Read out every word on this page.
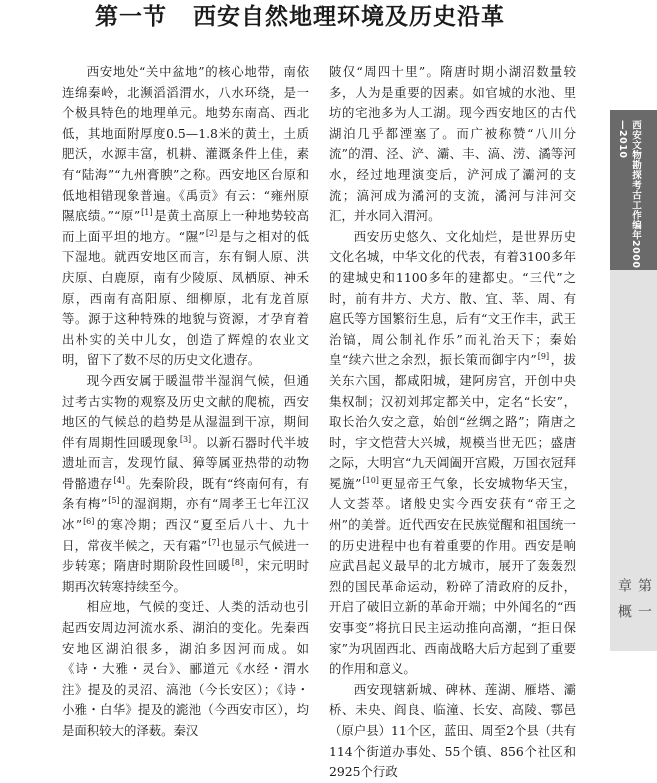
第一节 西安自然地理环境及历史沿革

西安地处“关中盆地”的核心地带，南依连绵秦岭，北濒滔滔渭水，八水环绕，是一个极具特色的地理单元。地势东南高、西北低，其地面附厚度0.5—1.8米的黄土，土质肥沃，水源丰富，机耕、灌溉条件上佳，素有“陆海”“九州膏腴”之称。西安地区台原和低地相错现象普遍。《禹贡》有云：“雍州原隰底绩。”“原”[1]是黄土高原上一种地势较高而上面平坦的地方。“隰”[2]是与之相对的低下湿地。就西安地区而言，东有铜人原、洪庆原、白鹿原，南有少陵原、凤栖原、神禾原，西南有高阳原、细柳原，北有龙首原等。源于这种特殊的地貌与资源，才孕育着出朴实的关中儿女，创造了辉煌的农业文明，留下了数不尽的历史文化遗存。

现今西安属于暖温带半湿润气候，但通过考古实物的观察及历史文献的爬梳，西安地区的气候总的趋势是从湿温到干凉，期间伴有周期性回暖现象[3]。以新石器时代半坡遗址而言，发现竹鼠、獐等属亚热带的动物骨骼遗存[4]。先秦阶段，既有“终南何有，有条有梅”[5]的湿润期，亦有“周孝王七年江汉冰”[6]的寒冷期；西汉“夏至后八十、九十日，常夜半候之，天有霜”[7]也显示气候进一步转寒；隋唐时期阶段性回暖[8]，宋元明时期再次转寒持续至今。

相应地，气候的变迁、人类的活动也引起西安周边河流水系、湖泊的变化。先秦西安地区湖泊很多，湖泊多因河而成。如《诗・大雅・灵台》、郦道元《水经・渭水注》提及的灵沼、滈池（今长安区）；《诗・小雅・白华》提及的滮池（今西安市区），均是面积较大的泽薮。秦汉

陂仅“周四十里”。隋唐时期小湖沼数量较多，人为是重要的因素。如官城的水池、里坊的宅池多为人工湖。现今西安地区的古代湖泊几乎都湮塞了。而广被称赞“八川分流”的渭、泾、浐、灞、丰、滈、涝、潏等河水，经过地理演变后，浐河成了灞河的支流；滈河成为潏河的支流，潏河与沣河交汇，并水同入渭河。

西安历史悠久、文化灿烂，是世界历史文化名城，中华文化的代表，有着3100多年的建城史和1100多年的建都史。“三代”之时，前有井方、犬方、散、宜、莘、周、有扈氏等方国繁衍生息，后有“文王作丰，武王治镐，周公制礼作乐”而礼治天下；秦始皇“续六世之余烈，振长策而御宇内”[9]，拔关东六国，都咸阳城，建阿房宫，开创中央集权制；汉初刘邦定都关中，定名“长安”，取长治久安之意，始创“丝绸之路”；隋唐之时，宇文恺营大兴城，规模当世无匹；盛唐之际，大明宫“九天阊阖开宫殿，万国衣冠拜冕旒”[10]更显帝王气象，长安城物华天宝，人文荟萃。诸般史实今西安获有“帝王之州”的美誉。近代西安在民族觉醒和祖国统一的历史进程中也有着重要的作用。西安是响应武昌起义最早的北方城市，展开了轰轰烈烈的国民革命运动，粉碎了清政府的反扑，开启了破旧立新的革命开端；中外闻名的“西安事变”将抗日民主运动推向高潮，“拒日保家”为巩固西北、西南战略大后方起到了重要的作用和意义。

西安现辖新城、碑林、莲湖、雁塔、灞桥、未央、阎良、临潼、长安、高陵、鄠邑（原户县）11个区，蓝田、周至2个县（共有114个街道办事处、55个镇、856个社区和2925个行政

西安文物勘探考古工作编年2000—2010
第一章概
